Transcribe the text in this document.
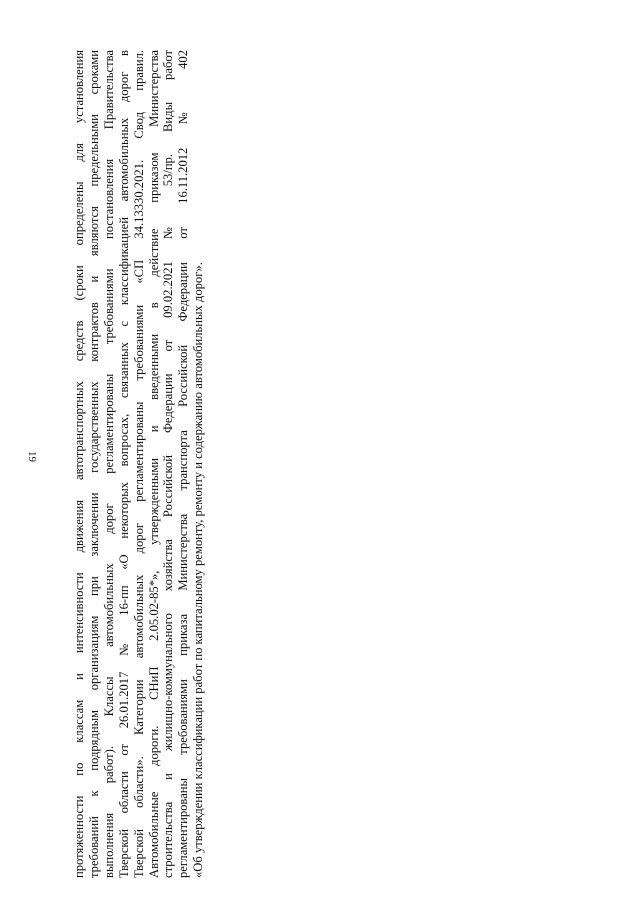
19	протяженности по классам и интенсивности движения автотранспортных средств (сроки определены для установления требований к подрядным организациям при заключении государственных контрактов и являются предельными сроками выполнения работ). Классы автомобильных дорог регламентированы требованиями постановления Правительства Тверской области от 26.01.2017 № 16-пп «О некоторых вопросах, связанных с классификацией автомобильных дорог в Тверской области». Категории автомобильных дорог регламентированы требованиями «СП 34.13330.2021. Свод правил. Автомобильные дороги. СНиП 2.05.02-85*», утвержденными и введенными в действие приказом Министерства строительства и жилищно-коммунального хозяйства Российской Федерации от 09.02.2021 № 53/пр. Виды работ регламентированы требованиями приказа Министерства транспорта Российской Федерации от 16.11.2012 № 402 «Об утверждении классификации работ по капитальному ремонту, ремонту и содержанию автомобильных дорог».
